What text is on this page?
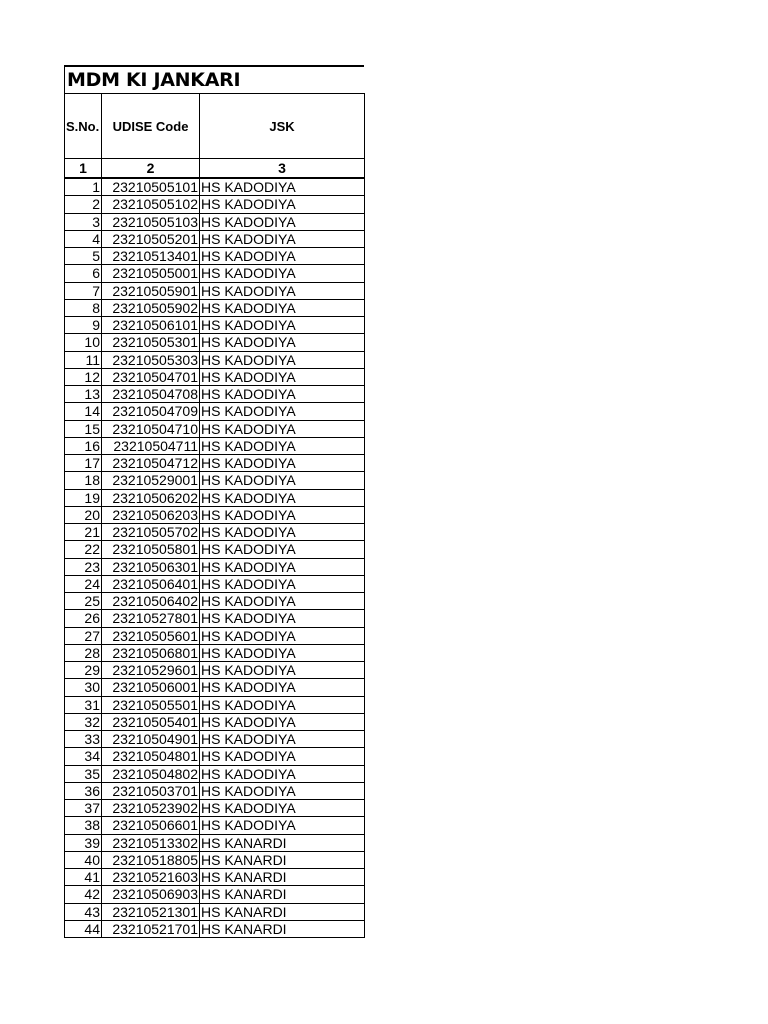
MDM KI JANKARI
S.No.	UDISE Code	JSK
1	2	3
1	23210505101	HS KADODIYA
2	23210505102	HS KADODIYA
3	23210505103	HS KADODIYA
4	23210505201	HS KADODIYA
5	23210513401	HS KADODIYA
6	23210505001	HS KADODIYA
7	23210505901	HS KADODIYA
8	23210505902	HS KADODIYA
9	23210506101	HS KADODIYA
10	23210505301	HS KADODIYA
11	23210505303	HS KADODIYA
12	23210504701	HS KADODIYA
13	23210504708	HS KADODIYA
14	23210504709	HS KADODIYA
15	23210504710	HS KADODIYA
16	23210504711	HS KADODIYA
17	23210504712	HS KADODIYA
18	23210529001	HS KADODIYA
19	23210506202	HS KADODIYA
20	23210506203	HS KADODIYA
21	23210505702	HS KADODIYA
22	23210505801	HS KADODIYA
23	23210506301	HS KADODIYA
24	23210506401	HS KADODIYA
25	23210506402	HS KADODIYA
26	23210527801	HS KADODIYA
27	23210505601	HS KADODIYA
28	23210506801	HS KADODIYA
29	23210529601	HS KADODIYA
30	23210506001	HS KADODIYA
31	23210505501	HS KADODIYA
32	23210505401	HS KADODIYA
33	23210504901	HS KADODIYA
34	23210504801	HS KADODIYA
35	23210504802	HS KADODIYA
36	23210503701	HS KADODIYA
37	23210523902	HS KADODIYA
38	23210506601	HS KADODIYA
39	23210513302	HS KANARDI
40	23210518805	HS KANARDI
41	23210521603	HS KANARDI
42	23210506903	HS KANARDI
43	23210521301	HS KANARDI
44	23210521701	HS KANARDI
